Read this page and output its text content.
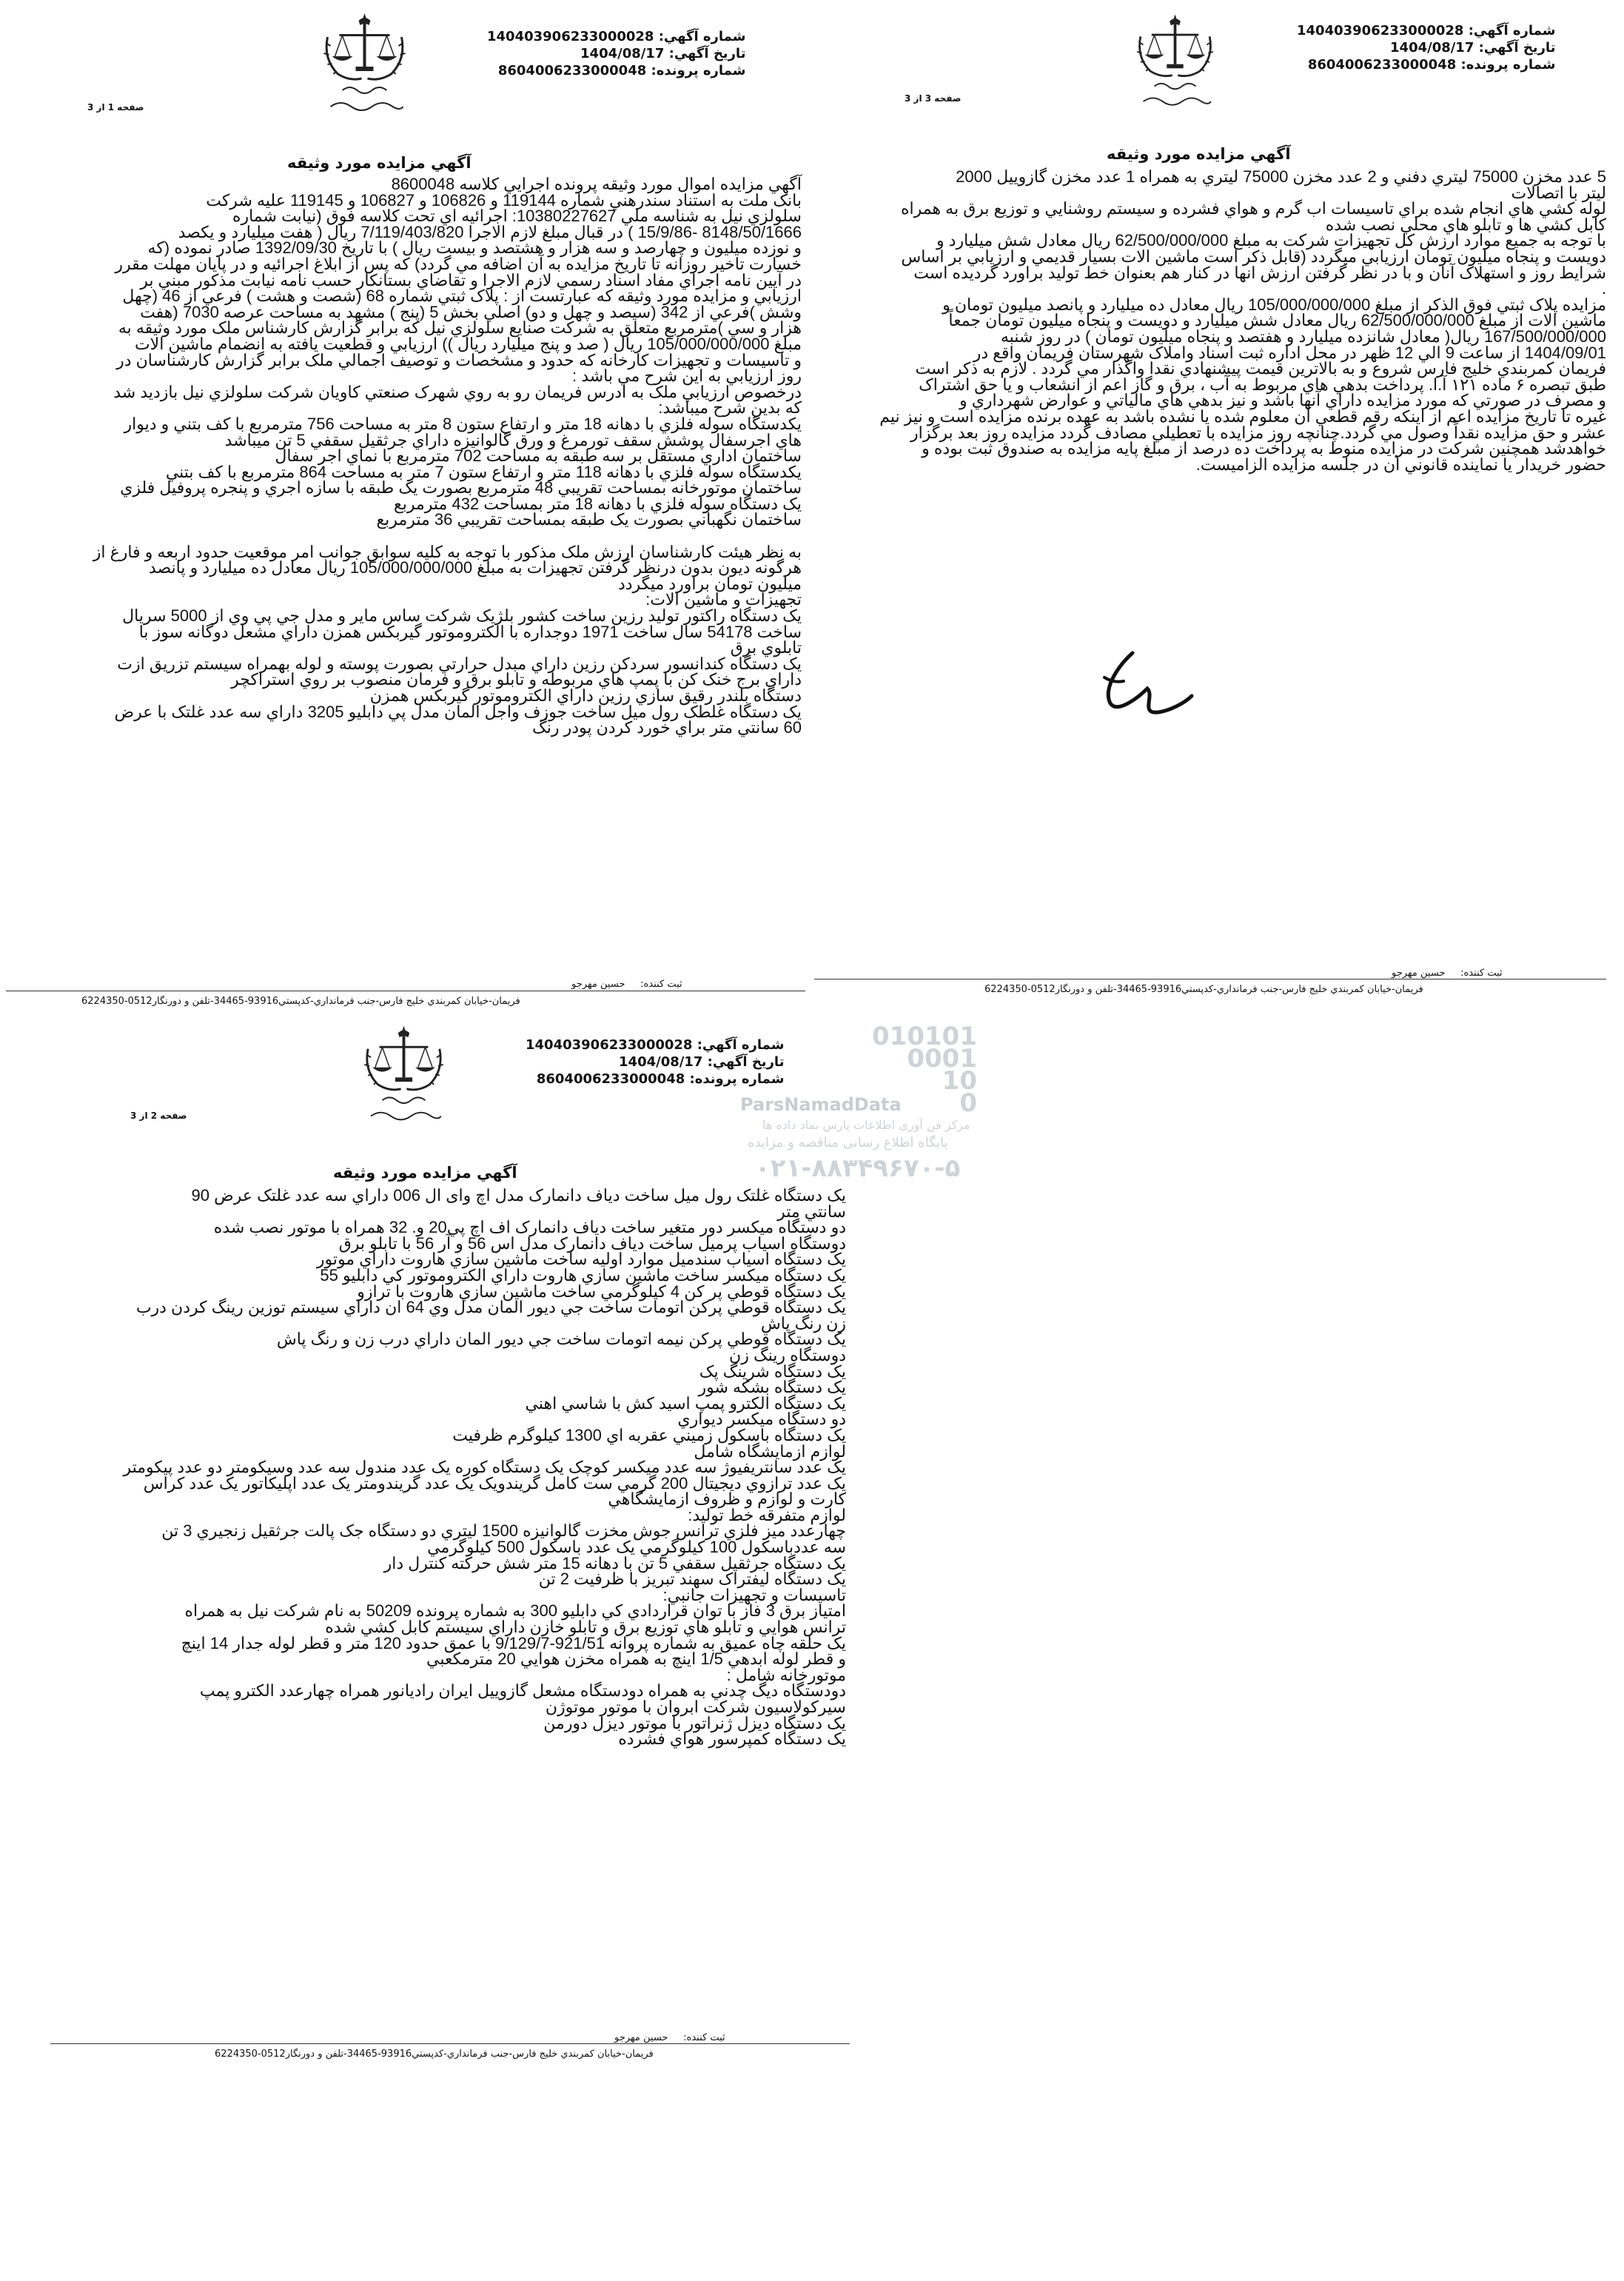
شماره آگهي: 140403906233000028
تاريخ آگهي: 1404/08/17
شماره پرونده: 8604006233000048
صفحه 1 از 3
آگهي مزايده مورد وثيقه

آگهي مزايده اموال مورد وثيقه پرونده اجرايي کلاسه 8600048

بانک ملت به استناد سندرهني شماره 119144 و 106826 و 106827 و 119145 عليه شرکت

سلولزي نيل به شناسه ملي 10380227627: اجرائيه اي تحت کلاسه فوق (نيابت شماره

8148/50/1666 -15/9/86 ) در قبال مبلغ لازم الاجرا 7/119/403/820 ريال ( هفت ميليارد و يکصد

و نوزده ميليون و چهارصد و سه هزار و هشتصد و بيست ريال ) با تاريخ 1392/09/30 صادر نموده (که

خسارت تاخير روزانه تا تاريخ مزايده به آن اضافه مي گردد) که پس از ابلاغ اجرائيه و در پايان مهلت مقرر

در آيين نامه اجراي مفاد اسناد رسمي لازم الاجرا و تقاضاي بستانکار حسب نامه نيابت مذکور مبني بر

ارزيابي و مزايده مورد وثيقه که عبارتست از : پلاک ثبتي شماره 68 (شصت و هشت ) فرعي از 46 (چهل

وشش )فرعي از 342 (سيصد و چهل و دو) اصلي بخش 5 (پنج ) مشهد به مساحت عرصه 7030 (هفت

هزار و سي )مترمربع متعلق به شرکت صنايع سلولزي نيل که برابر گزارش کارشناس ملک مورد وثيقه به

مبلغ 105/000/000/000 ريال ( صد و پنج ميليارد ريال )) ارزيابي و قطعيت يافته به انضمام ماشين الات

و تاسيسات و تجهيزات کارخانه که حدود و مشخصات و توصيف اجمالي ملک برابر گزارش کارشناسان در

روز ارزيابي به اين شرح مي باشد :

درخصوص ارزيابي ملک به ادرس فريمان رو به روي شهرک صنعتي کاويان شرکت سلولزي نيل بازديد شد

که بدين شرح ميباشد:

يکدستگاه سوله فلزي با دهانه 18 متر و ارتفاع ستون 8 متر به مساحت 756 مترمربع با کف بتني و ديوار

هاي اجرسفال پوشش سقف تورمرغ و ورق گالوانيزه داراي جرثقيل سقفي 5 تن ميباشد

ساختمان اداري مستقل بر سه طبقه به مساحت 702 مترمربع با نماي اجر سفال

يکدستگاه سوله فلزي با دهانه 118 متر و ارتفاع ستون 7 متر به مساحت 864 مترمربع با کف بتني

ساختمان موتورخانه بمساحت تقريبي 48 مترمربع بصورت يک طبقه با سازه اجري و پنجره پروفيل فلزي

يک دستگاه سوله فلزي با دهانه 18 متر بمساحت 432 مترمربع

ساختمان نگهباني بصورت يک طبقه بمساحت تقريبي 36 مترمربع

به نظر هيئت کارشناسان ارزش ملک مذکور با توجه به کليه سوابق جوانب امر موقعيت حدود اربعه و فارغ از

هرگونه ديون بدون درنظر گرفتن تجهيزات به مبلغ 105/000/000/000 ريال معادل ده ميليارد و پانصد

ميليون تومان براورد ميگردد

تجهيزات و ماشين الات:

يک دستگاه راکتور توليد رزين ساخت کشور بلژيک شرکت ساس ماير و مدل جي پي وي از 5000 سريال

ساخت 54178 سال ساخت 1971 دوجداره با الکتروموتور گيربکس همزن داراي مشعل دوگانه سوز با

تابلوي برق

يک دستگاه کندانسور سردکن رزين داراي مبدل حرارتي بصورت پوسته و لوله بهمراه سيستم تزريق ازت

داراي برج خنک کن با پمپ هاي مربوطه و تابلو برق و فرمان منصوب بر روي استراکچر

دستگاه بلندر رقيق سازي رزين داراي الکتروموتور گيربکس همزن

يک دستگاه غلطک رول ميل ساخت جوزف واجل المان مدل پي دابليو 3205 داراي سه عدد غلتک با عرض

60 سانتي متر براي خورد کردن پودر رنگ

ثبت کننده:     حسين مهرجو
فريمان-خيابان کمربندي خليج فارس-جنب فرمانداري-کدپستي93916-34465-تلفن و دورنگار0512-6224350
شماره آگهي: 140403906233000028
تاريخ آگهي: 1404/08/17
شماره پرونده: 8604006233000048
صفحه 3 از 3
آگهي مزايده مورد وثيقه

5 عدد مخزن 75000 ليتري دفني و 2 عدد مخزن 75000 ليتري به همراه 1 عدد مخزن گازوييل 2000

ليتر با اتصالات

لوله کشي هاي انجام شده براي تاسيسات اب گرم و هواي فشرده و سيستم روشنايي و توزيع برق به همراه

کابل کشي ها و تابلو هاي محلي نصب شده

با توجه به جميع موارد ارزش کل تجهيزات شرکت به مبلغ 62/500/000/000 ريال معادل شش ميليارد و

دويست و پنجاه ميليون تومان ارزيابي ميگردد (قابل ذکر است ماشين الات بسيار قديمي و ارزيابي بر اساس

شرايط روز و استهلاک آنان و با در نظر گرفتن ارزش انها در کنار هم بعنوان خط توليد براورد گرديده است

.

مزايده پلاک ثبتي فوق الذکر از مبلغ 105/000/000/000 ريال معادل ده ميليارد و پانصد ميليون تومان و

ماشين الات از مبلغ 62/500/000/000 ريال معادل شش ميليارد و دويست و پنجاه ميليون تومان جمعاً

167/500/000/000 ريال( معادل شانزده ميليارد و هفتصد و پنجاه ميليون تومان ) در روز شنبه

1404/09/01 از ساعت 9 الي 12 ظهر در محل اداره ثبت اسناد واملاک شهرستان فريمان واقع در

فريمان کمربندي خليج فارس شروع و به بالاترين قيمت پيشنهادي نقدا واگذار مي گردد . لازم به ذکر است

طبق تبصره ۶ ماده ۱۲۱ آ.ا. پرداخت بدهي هاي مربوط به آب ، برق و گاز اعم از انشعاب و يا حق اشتراک

و مصرف در صورتي که مورد مزايده داراي آنها باشد و نيز بدهي هاي مالياتي و عوارض شهرداري و

غيره تا تاريخ مزايده اعم از اينکه رقم قطعي آن معلوم شده يا نشده باشد به عهده برنده مزايده است و نيز نيم

عشر و حق مزايده نقداً وصول مي گردد.چنانچه روز مزايده با تعطيلي مصادف گردد مزايده روز بعد برگزار

خواهدشد همچنين شرکت در مزايده منوط به پرداخت ده درصد از مبلغ پايه مزايده به صندوق ثبت بوده و

حضور خريدار يا نماينده قانوني آن در جلسه مزايده الزاميست.

ثبت کننده:     حسين مهرجو
فريمان-خيابان کمربندي خليج فارس-جنب فرمانداري-کدپستي93916-34465-تلفن و دورنگار0512-6224350
010101
0001
10
0
ParsNamadData
مرکز فن آوری اطلاعات پارس نماد داده ها
پايگاه اطلاع رسانی مناقصه و مزايده
۰۲۱-۸۸۳۴۹۶۷۰-۵
شماره آگهي: 140403906233000028
تاريخ آگهي: 1404/08/17
شماره پرونده: 8604006233000048
صفحه 2 از 3
آگهي مزايده مورد وثيقه

يک دستگاه غلتک رول ميل ساخت دياف دانمارک مدل اچ وای ال 006 داراي سه عدد غلتک عرض 90

سانتي متر

دو دستگاه ميکسر دور متغير ساخت دياف دانمارک اف اچ پي20 و. 32 همراه با موتور نصب شده

دوستگاه اسياب پرميل ساخت دياف دانمارک مدل اس 56 و آر 56 با تابلو برق

يک دستگاه اسياب سندميل موارد اوليه ساخت ماشين سازي هاروت داراي موتور

يک دستگاه ميکسر ساخت ماشين سازي هاروت داراي الکتروموتور کي دابليو 55

يک دستگاه قوطي پر کن 4 کيلوگرمي ساخت ماشين سازي هاروت با ترازو

يک دستگاه قوطي پرکن اتومات ساخت جي ديور المان مدل وي 64 ان داراي سيستم توزين رينگ کردن درب

زن رنگ پاش

يک دستگاه قوطي پرکن نيمه اتومات ساخت جي ديور المان داراي درب زن و رنگ پاش

دوستگاه رينگ زن

يک دستگاه شرينگ پک

يک دستگاه بشکه شور

يک دستگاه الکترو پمپ اسيد کش با شاسي اهني

دو دستگاه ميکسر ديواري

يک دستگاه باسکول زميني عقربه اي 1300 کيلوگرم ظرفيت

لوازم ازمايشگاه شامل

يک عدد سانتريفيوژ سه عدد ميکسر کوچک يک دستگاه کوره يک عدد مندول سه عدد وسيکومتر دو عدد پيکومتر

يک عدد ترازوي ديجيتال 200 گرمي ست کامل گريندويک يک عدد گريندومتر يک عدد اپليکاتور يک عدد کراس

کارت و لوازم و ظروف ازمايشگاهي

لوازم متفرقه خط توليد:

چهارعدد ميز فلزي ترانس جوش مخزت گالوانيزه 1500 ليتري دو دستگاه جک پالت جرثقيل زنجيري 3 تن

سه عددباسکول 100 کيلوگرمي يک عدد باسکول 500 کيلوگرمي

يک دستگاه جرثقيل سقفي 5 تن با دهانه 15 متر شش حرکته کنترل دار

يک دستگاه ليفتراک سهند تبريز با ظرفيت 2 تن

تاسيسات و تجهيزات جانبي:

امتياز برق 3 فاز با توان قراردادي کي دابليو 300 به شماره پرونده 50209 به نام شرکت نيل به همراه

ترانس هوايي و تابلو هاي توزيع برق و تابلو خازن داراي سيستم کابل کشي شده

يک حلقه چاه عميق به شماره پروانه 921/51-9/129/7 با عمق حدود 120 متر و قطر لوله جدار 14 اينچ

و قطر لوله ابدهي 1/5 اينچ به همراه مخزن هوايي 20 مترمکعبي

موتورخانه شامل :

دودستگاه ديگ چدني به همراه دودستگاه مشعل گازوييل ايران راديانور همراه چهارعدد الکترو پمپ

سيرکولاسيون شرکت ابروان با موتور موتوژن

يک دستگاه ديزل ژنراتور با موتور ديزل دورمن

يک دستگاه کمپرسور هواي فشرده

ثبت کننده:     حسين مهرجو
فريمان-خيابان کمربندي خليج فارس-جنب فرمانداري-کدپستي93916-34465-تلفن و دورنگار0512-6224350
